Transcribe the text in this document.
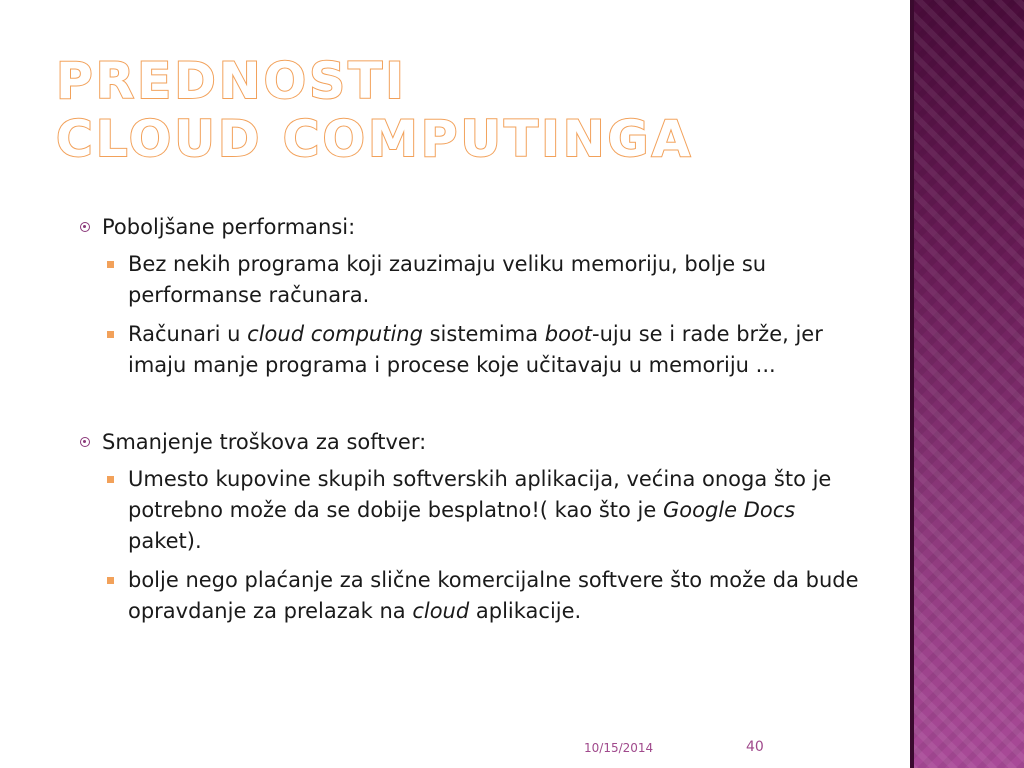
PREDNOSTI
CLOUD COMPUTINGA
Poboljšane performansi:
Bez nekih programa koji zauzimaju veliku memoriju, bolje su performanse računara.
Računari u cloud computing sistemima boot-uju se i rade brže, jer imaju manje programa i procese koje učitavaju u memoriju ...
Smanjenje troškova za softver:
Umesto kupovine skupih softverskih aplikacija, većina onoga što je potrebno može da se dobije besplatno!( kao što je Google Docs paket).
bolje nego plaćanje za slične komercijalne softvere što može da bude opravdanje za prelazak na cloud aplikacije.
10/15/2014	40
